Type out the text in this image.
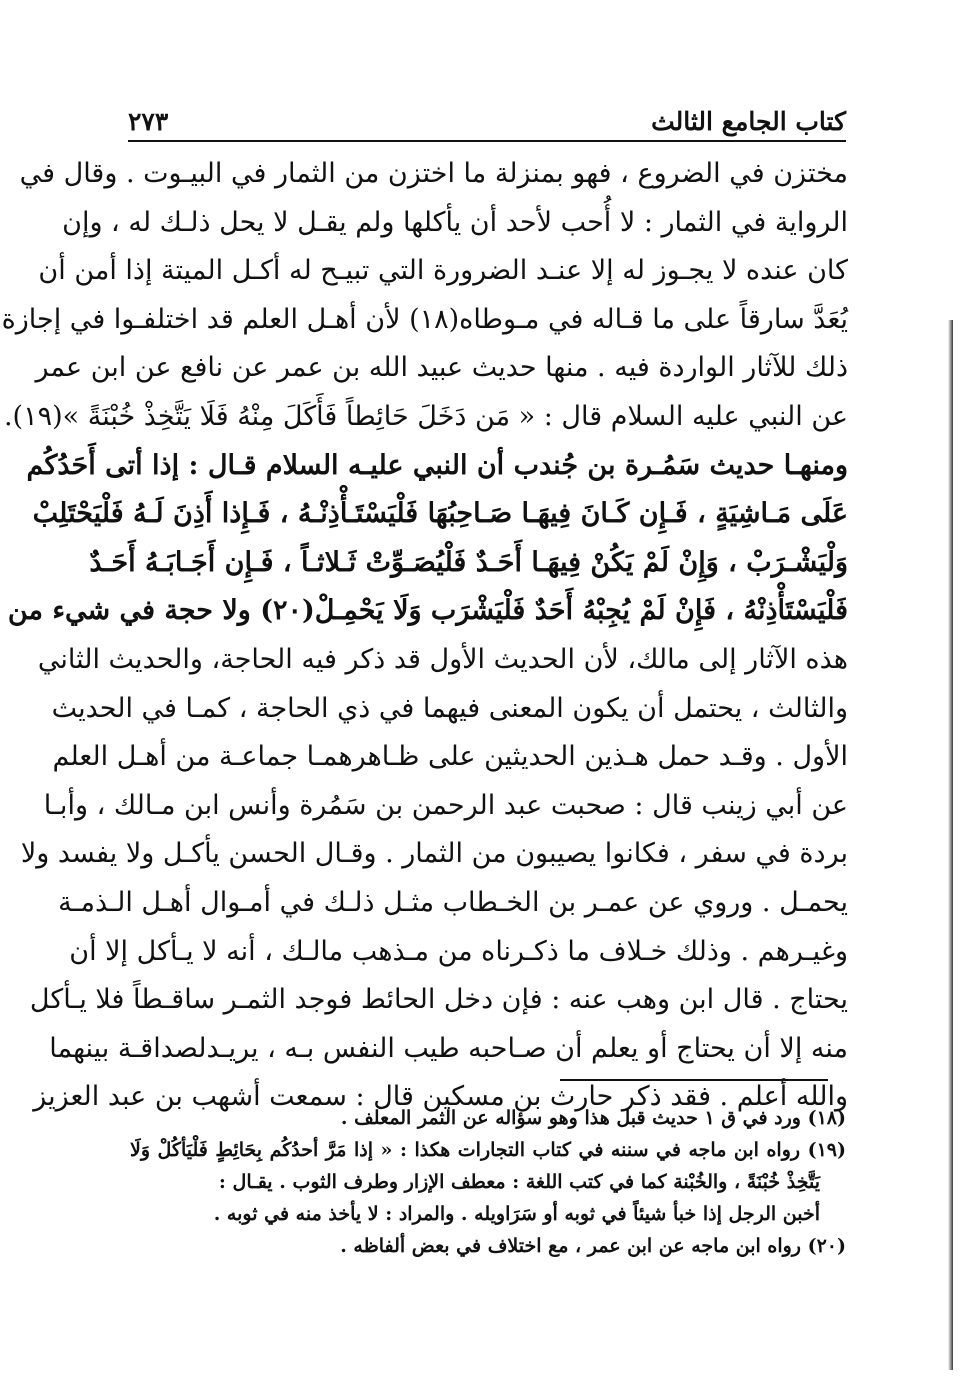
كتاب الجامع الثالث
٢٧٣
مختزن في الضروع ، فهو بمنزلة ما اختزن من الثمار في البيـوت . وقال في
الرواية في الثمار : لا أُحب لأحد أن يأكلها ولم يقـل لا يحل ذلـك له ، وإن
كان عنده لا يجـوز له إلا عنـد الضرورة التي تبيـح له أكـل الميتة إذا أمن أن
يُعَدَّ سارقاً على ما قـاله في مـوطاه(١٨) لأن أهـل العلم قد اختلفـوا في إجازة
ذلك للآثار الواردة فيه . منها حديث عبيد الله بن عمر عن نافع عن ابن عمر
عن النبي عليه السلام قال : « مَن دَخَلَ حَائِطاً فَأَكَلَ مِنْهُ فَلَا يَتَّخِذْ خُبْنَةً »(١٩).
ومنهـا حديث سَمُـرة بن جُندب أن النبي عليـه السلام قـال : إذا أتى أَحَدُكُم
عَلَى مَـاشِيَةٍ ، فَـإِن كَـانَ فِيهَـا صَـاحِبُهَا فَلْيَسْتَـأْذِنْـهُ ، فَـإِذا أَذِنَ لَـهُ فَلْيَحْتَلِبْ
وَلْيَشْـرَبْ ، وَإِنْ لَمْ يَكُنْ فِيهَـا أَحَـدٌ فَلْيُصَـوِّتْ ثَـلاثـاً ، فَـإِن أَجَـابَـهُ أَحَـدٌ
فَلْيَسْتَأْذِنْهُ ، فَإِنْ لَمْ يُجِبْهُ أَحَدٌ فَلْيَشْرَب وَلَا يَحْمِـلْ(٢٠) ولا حجة في شيء من
هذه الآثار إلى مالك، لأن الحديث الأول قد ذكر فيه الحاجة، والحديث الثاني
والثالث ، يحتمل أن يكون المعنى فيهما في ذي الحاجة ، كمـا في الحديث
الأول . وقـد حمل هـذين الحديثين على ظـاهرهمـا جماعـة من أهـل العلم
عن أبي زينب قال : صحبت عبد الرحمن بن سَمُرة وأنس ابن مـالك ، وأبـا
بردة في سفر ، فكانوا يصيبون من الثمار . وقـال الحسن يأكـل ولا يفسد ولا
يحمـل . وروي عن عمـر بن الخـطاب مثـل ذلـك في أمـوال أهـل الـذمـة
وغيـرهم . وذلك خـلاف ما ذكـرناه من مـذهب مالـك ، أنه لا يـأكل إلا أن
يحتاج . قال ابن وهب عنه : فإن دخل الحائط فوجد الثمـر ساقـطاً فلا يـأكل
منه إلا أن يحتاج أو يعلم أن صـاحبه طيب النفس بـه ، يريـدلصداقـة بينهما
والله أعلم . فقد ذكر حارث بن مسكين قال : سمعت أشهب بن عبد العزيز
(١٨) ورد في ق ١ حديث قبل هذا وهو سؤاله عن الثمر المعلف .
(١٩) رواه ابن ماجه في سننه في كتاب التجارات هكذا : « إذا مَرَّ أحدُكُم بِحَائِطٍ فَلْيَأكُلْ وَلَا
يَتَّخِذْ خُبْنَةً ، والخُبْنة كما في كتب اللغة : معطف الإزار وطرف الثوب . يقـال :
أخبن الرجل إذا خبأ شيئاً في ثوبه أو سَرَاويله . والمراد : لا يأخذ منه في ثوبه .
(٢٠) رواه ابن ماجه عن ابن عمر ، مع اختلاف في بعض ألفاظه .
